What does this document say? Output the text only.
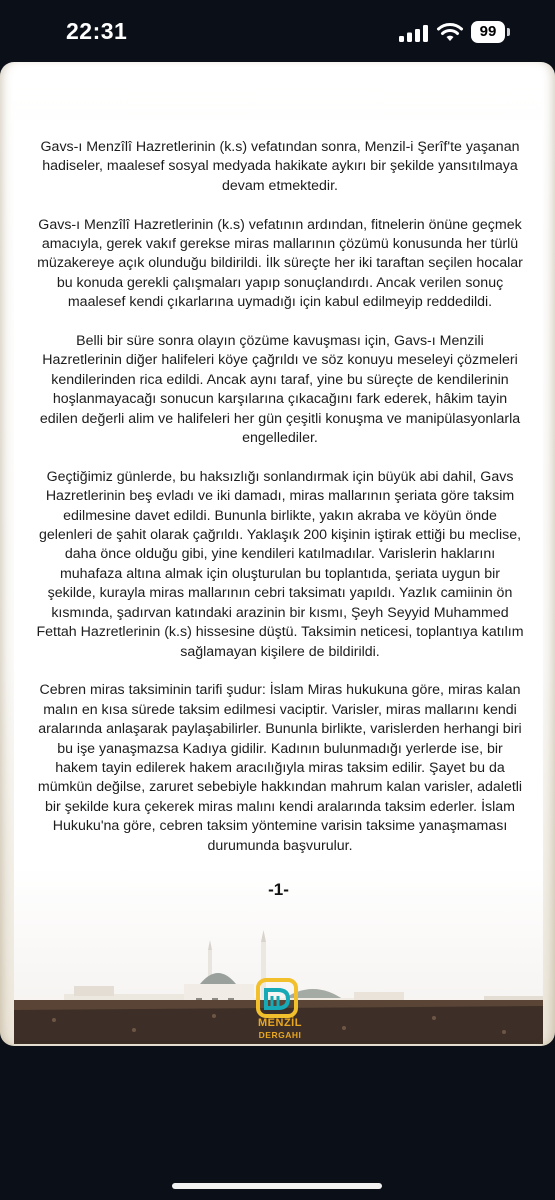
22:31	99

Gavs-ı Menzîlî Hazretlerinin (k.s) vefatından sonra, Menzil-i Şerîf'te yaşanan hadiseler, maalesef sosyal medyada hakikate aykırı bir şekilde yansıtılmaya devam etmektedir.

Gavs-ı Menzîlî Hazretlerinin (k.s) vefatının ardından, fitnelerin önüne geçmek amacıyla, gerek vakıf gerekse miras mallarının çözümü konusunda her türlü müzakereye açık olunduğu bildirildi. İlk süreçte her iki taraftan seçilen hocalar bu konuda gerekli çalışmaları yapıp sonuçlandırdı. Ancak verilen sonuç maalesef kendi çıkarlarına uymadığı için kabul edilmeyip reddedildi.

Belli bir süre sonra olayın çözüme kavuşması için, Gavs-ı Menzili Hazretlerinin diğer halifeleri köye çağrıldı ve söz konuyu meseleyi çözmeleri kendilerinden rica edildi. Ancak aynı taraf, yine bu süreçte de kendilerinin hoşlanmayacağı sonucun karşılarına çıkacağını fark ederek, hâkim tayin edilen değerli alim ve halifeleri her gün çeşitli konuşma ve manipülasyonlarla engellediler.

Geçtiğimiz günlerde, bu haksızlığı sonlandırmak için büyük abi dahil, Gavs Hazretlerinin beş evladı ve iki damadı, miras mallarının şeriata göre taksim edilmesine davet edildi. Bununla birlikte, yakın akraba ve köyün önde gelenleri de şahit olarak çağrıldı. Yaklaşık 200 kişinin iştirak ettiği bu meclise, daha önce olduğu gibi, yine kendileri katılmadılar. Varislerin haklarını muhafaza altına almak için oluşturulan bu toplantıda, şeriata uygun bir şekilde, kurayla miras mallarının cebri taksimatı yapıldı. Yazlık camiinin ön kısmında, şadırvan katındaki arazinin bir kısmı, Şeyh Seyyid Muhammed Fettah Hazretlerinin (k.s) hissesine düştü. Taksimin neticesi, toplantıya katılım sağlamayan kişilere de bildirildi.

Cebren miras taksiminin tarifi şudur: İslam Miras hukukuna göre, miras kalan malın en kısa sürede taksim edilmesi vaciptir. Varisler, miras mallarını kendi aralarında anlaşarak paylaşabilirler. Bununla birlikte, varislerden herhangi biri bu işe yanaşmazsa Kadıya gidilir. Kadının bulunmadığı yerlerde ise, bir hakem tayin edilerek hakem aracılığıyla miras taksim edilir. Şayet bu da mümkün değilse, zaruret sebebiyle hakkından mahrum kalan varisler, adaletli bir şekilde kura çekerek miras malını kendi aralarında taksim ederler. İslam Hukuku'na göre, cebren taksim yöntemine varisin taksime yanaşmaması durumunda başvurulur.

-1-
MENZİL
DERGAHI
